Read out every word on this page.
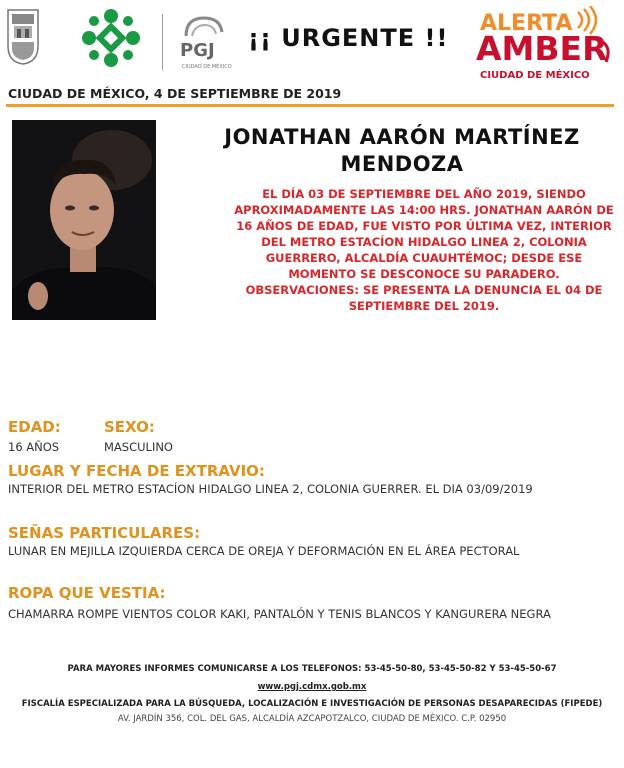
PGJ
CIUDAD DE MÉXICO
¡¡ URGENTE !!
ALERTA
AMBER
CIUDAD DE MÉXICO
CIUDAD DE MÉXICO, 4 DE SEPTIEMBRE DE 2019
JONATHAN AARÓN MARTÍNEZ MENDOZA
EL DÍA 03 DE SEPTIEMBRE DEL AÑO 2019, SIENDO APROXIMADAMENTE LAS 14:00 HRS. JONATHAN AARÓN DE 16 AÑOS DE EDAD, FUE VISTO POR ÚLTIMA VEZ, INTERIOR DEL METRO ESTACÍON HIDALGO LINEA 2, COLONIA GUERRERO, ALCALDÍA CUAUHTÉMOC; DESDE ESE MOMENTO SE DESCONOCE SU PARADERO.
OBSERVACIONES: SE PRESENTA LA DENUNCIA EL 04 DE SEPTIEMBRE DEL 2019.
EDAD:	SEXO:
16 AÑOS	MASCULINO
LUGAR Y FECHA DE EXTRAVIO:
INTERIOR DEL METRO ESTACÍON HIDALGO LINEA 2, COLONIA GUERRER. EL DIA 03/09/2019
SEÑAS PARTICULARES:
LUNAR EN MEJILLA IZQUIERDA CERCA DE OREJA Y DEFORMACIÓN EN EL ÁREA PECTORAL
ROPA QUE VESTIA:
CHAMARRA ROMPE VIENTOS COLOR KAKI, PANTALÓN Y TENIS BLANCOS Y KANGURERA NEGRA
PARA MAYORES INFORMES COMUNICARSE A LOS TELEFONOS: 53-45-50-80, 53-45-50-82 Y 53-45-50-67
www.pgj.cdmx.gob.mx
FISCALÍA ESPECIALIZADA PARA LA BÚSQUEDA, LOCALIZACIÓN E INVESTIGACIÓN DE PERSONAS DESAPARECIDAS (FIPEDE)
AV. JARDÍN 356, COL. DEL GAS, ALCALDÍA AZCAPOTZALCO, CIUDAD DE MÉXICO. C.P. 02950
